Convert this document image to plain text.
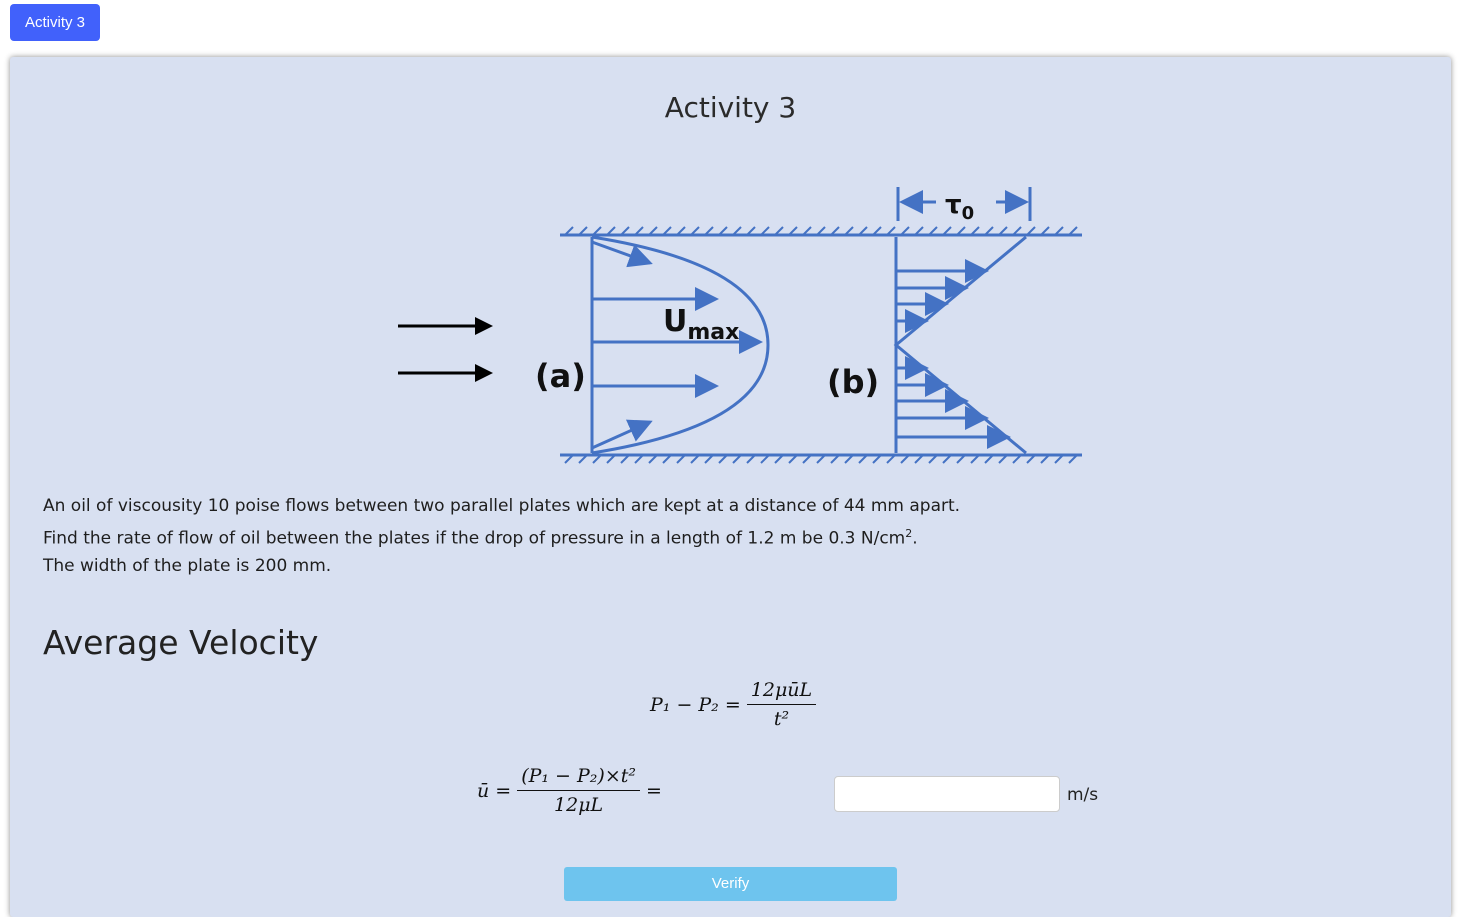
Activity 3
Activity 3
(a)
$U_{max}$
(b)
$\tau_0$

An oil of viscousity 10 poise flows between two parallel plates which are kept at a distance of 44 mm apart.

Find the rate of flow of oil between the plates if the drop of pressure in a length of 1.2 m be 0.3 $N/cm^2$.

The width of the plate is 200 mm.

Average Velocity
$P_1 - P_2 = \frac{\text{12μūL}}{\text{t²}}$
ū = $\frac{\text{(P₁ − P₂)×t²}}{12\mu L}$ =	m/s
Verify
